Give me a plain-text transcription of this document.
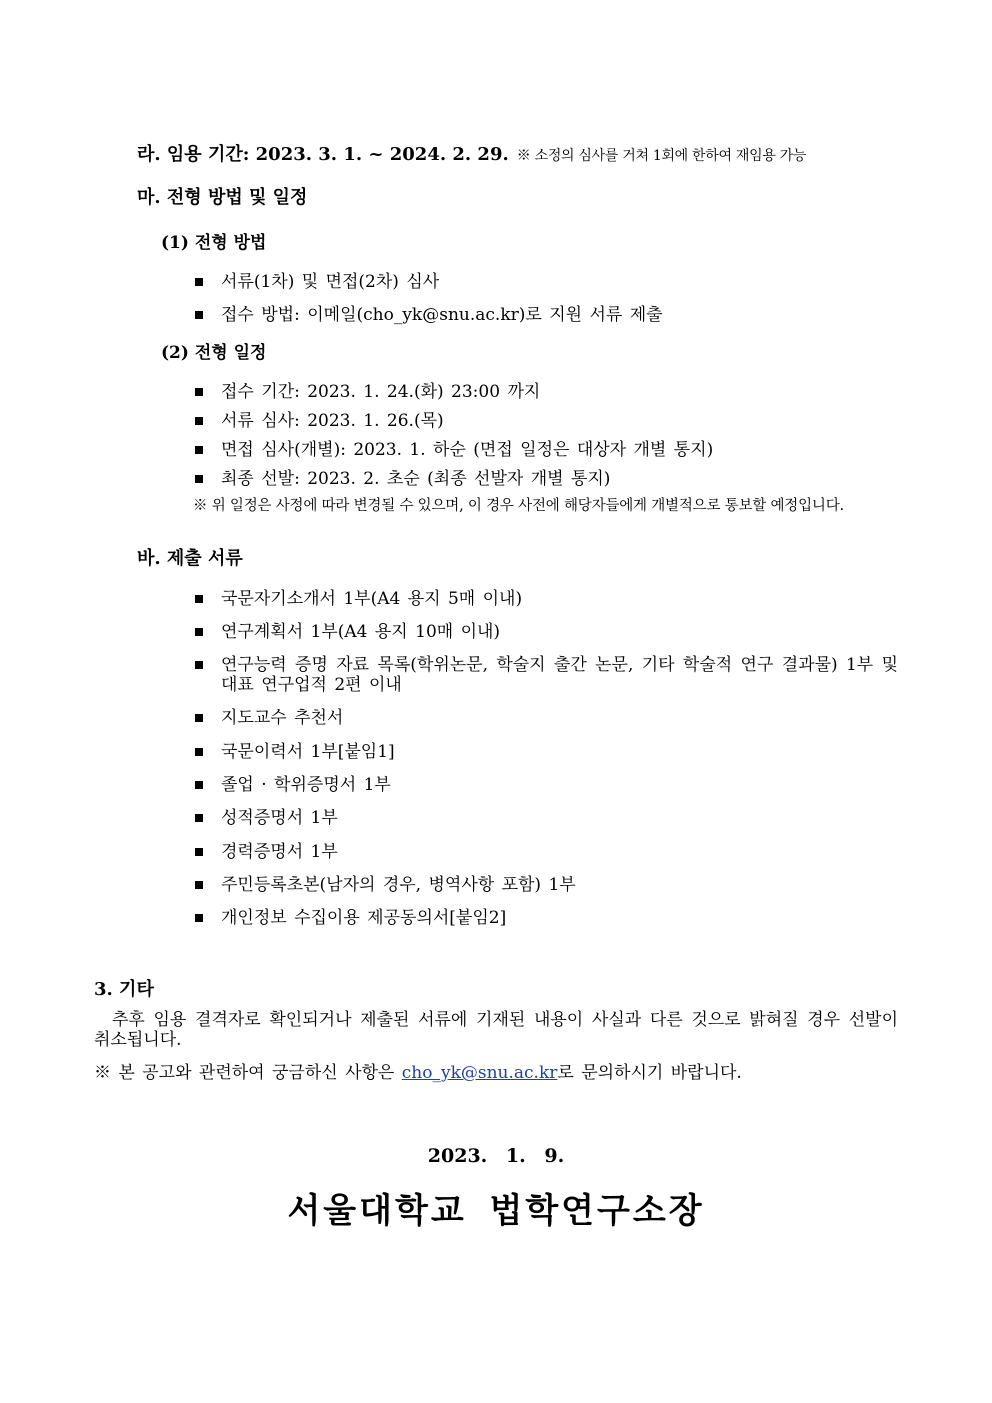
라. 임용 기간: 2023. 3. 1. ~ 2024. 2. 29. ※ 소정의 심사를 거쳐 1회에 한하여 재임용 가능
마. 전형 방법 및 일정
(1) 전형 방법
서류(1차) 및 면접(2차) 심사
접수 방법: 이메일(cho_yk@snu.ac.kr)로 지원 서류 제출
(2) 전형 일정
접수 기간: 2023. 1. 24.(화) 23:00 까지
서류 심사: 2023. 1. 26.(목)
면접 심사(개별): 2023. 1. 하순 (면접 일정은 대상자 개별 통지)
최종 선발: 2023. 2. 초순 (최종 선발자 개별 통지)
※ 위 일정은 사정에 따라 변경될 수 있으며, 이 경우 사전에 해당자들에게 개별적으로 통보할 예정입니다.
바. 제출 서류
국문자기소개서 1부(A4 용지 5매 이내)
연구계획서 1부(A4 용지 10매 이내)
연구능력 증명 자료 목록(학위논문, 학술지 출간 논문, 기타 학술적 연구 결과물) 1부 및 대표 연구업적 2편 이내
지도교수 추천서
국문이력서 1부[붙임1]
졸업 · 학위증명서 1부
성적증명서 1부
경력증명서 1부
주민등록초본(남자의 경우, 병역사항 포함) 1부
개인정보 수집이용 제공동의서[붙임2]
3. 기타
추후 임용 결격자로 확인되거나 제출된 서류에 기재된 내용이 사실과 다른 것으로 밝혀질 경우 선발이 취소됩니다.
※ 본 공고와 관련하여 궁금하신 사항은 cho_yk@snu.ac.kr로 문의하시기 바랍니다.
2023. 1. 9.
서울대학교 법학연구소장
